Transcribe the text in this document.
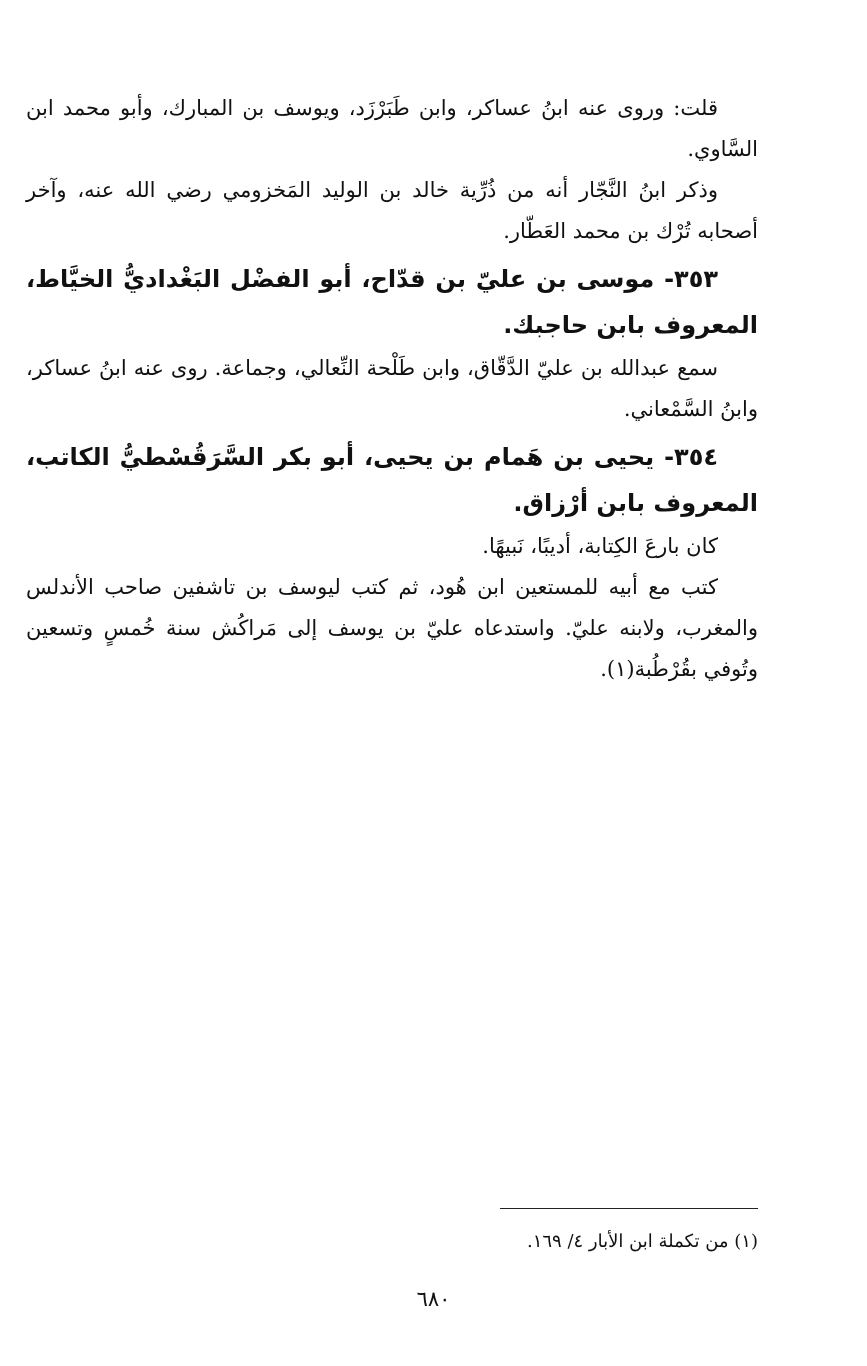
قلت: وروى عنه ابنُ عساكر، وابن طَبَرْزَد، ويوسف بن المبارك، وأبو محمد ابن السَّاوي.

وذكر ابنُ النَّجّار أنه من ذُرِّية خالد بن الوليد المَخزومي رضي الله عنه، وآخر أصحابه تُرْك بن محمد العَطّار.

٣٥٣- موسى بن عليّ بن قدّاح، أبو الفضْل البَغْداديُّ الخيَّاط، المعروف بابن حاجبك.

سمع عبدالله بن عليّ الدَّقّاق، وابن طَلْحة النِّعالي، وجماعة. روى عنه ابنُ عساكر، وابنُ السَّمْعاني.

٣٥٤- يحيى بن هَمام بن يحيى، أبو بكر السَّرَقُسْطيُّ الكاتب، المعروف بابن أرْزاق.

كان بارعَ الكِتابة، أديبًا، نَبيهًا.

كتب مع أبيه للمستعين ابن هُود، ثم كتب ليوسف بن تاشفين صاحب الأندلس والمغرب، ولابنه عليّ. واستدعاه عليّ بن يوسف إلى مَراكُش سنة خُمسٍ وتسعين وتُوفي بقُرْطُبة(١).

(١) من تكملة ابن الأبار ٤/ ١٦٩.
٦٨٠
